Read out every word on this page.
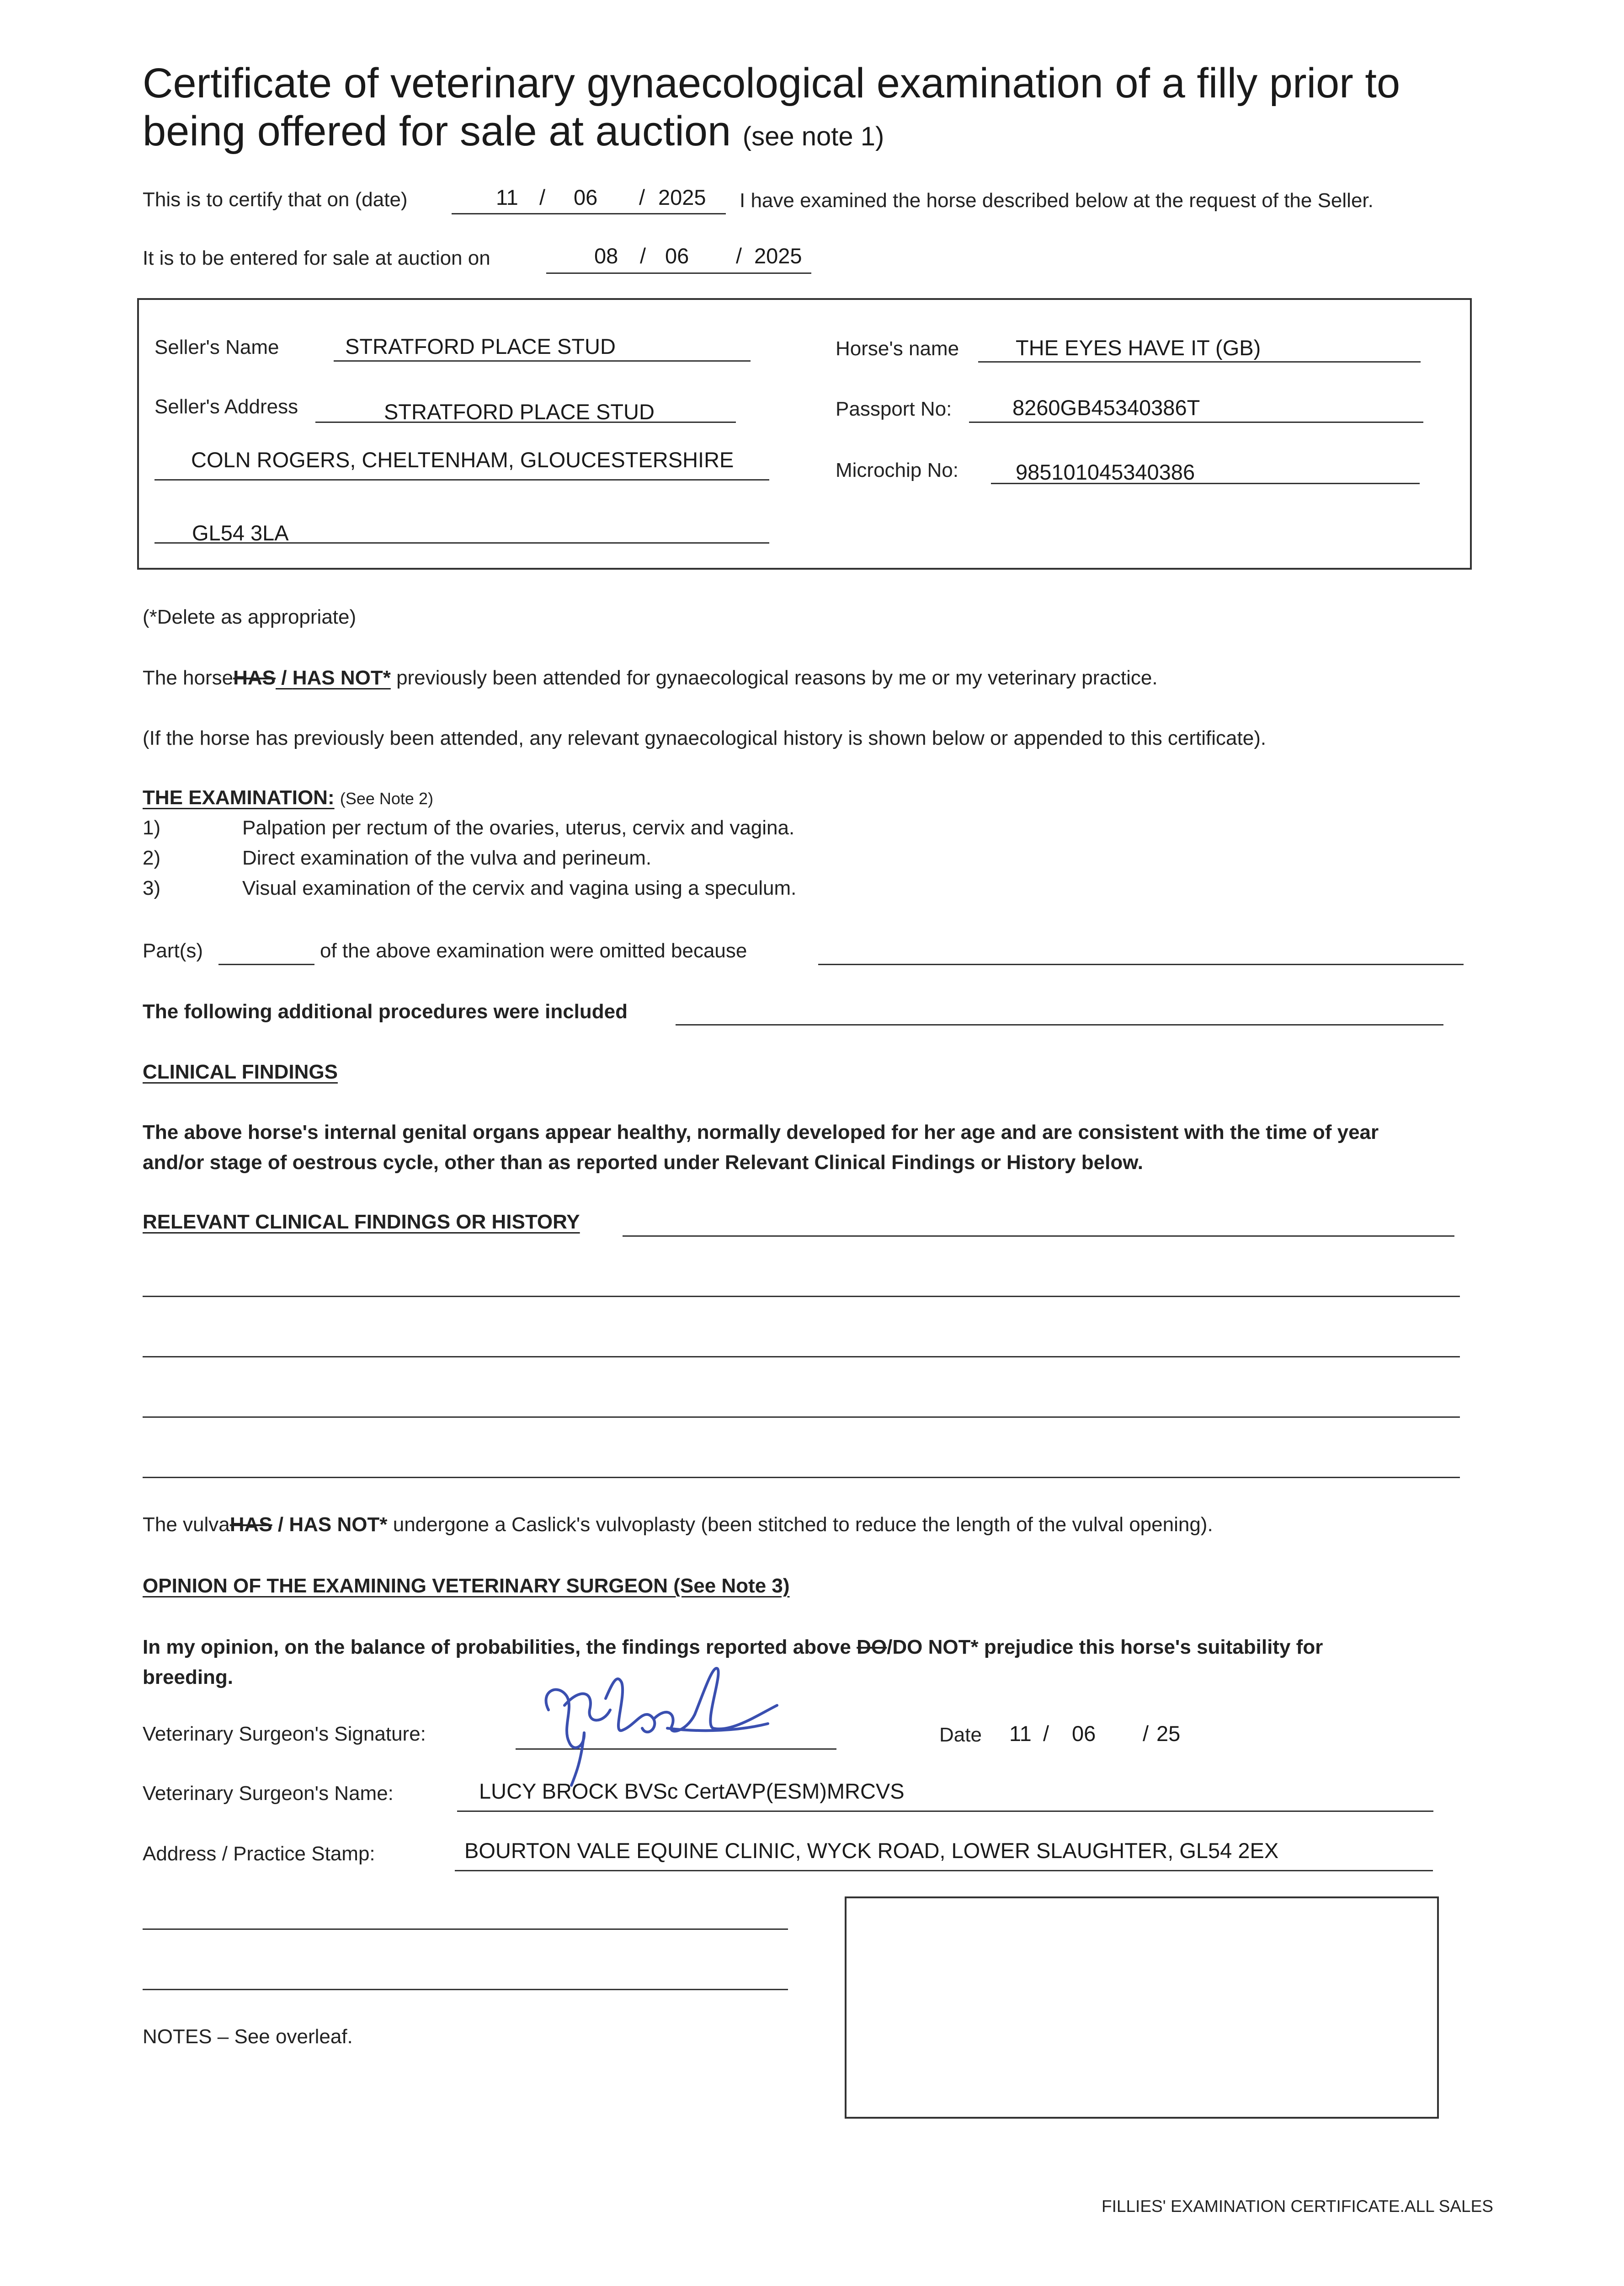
Certificate of veterinary gynaecological examination of a filly prior to
being offered for sale at auction (see note 1)
This is to certify that on (date)	11 / 06 / 2025 I have examined the horse described below at the request of the Seller.
It is to be entered for sale at auction on	08 / 06 / 2025
Seller's Name	STRATFORD PLACE STUD
Seller's Address	STRATFORD PLACE STUD
COLN ROGERS, CHELTENHAM, GLOUCESTERSHIRE
GL54 3LA
Horse's name	THE EYES HAVE IT (GB)
Passport No:	8260GB45340386T
Microchip No:	985101045340386
(*Delete as appropriate)
The horseHAS / HAS NOT* previously been attended for gynaecological reasons by me or my veterinary practice.
(If the horse has previously been attended, any relevant gynaecological history is shown below or appended to this certificate).
THE EXAMINATION: (See Note 2)
1)	Palpation per rectum of the ovaries, uterus, cervix and vagina.
2)	Direct examination of the vulva and perineum.
3)	Visual examination of the cervix and vagina using a speculum.
Part(s)	of the above examination were omitted because
The following additional procedures were included
CLINICAL FINDINGS
The above horse's internal genital organs appear healthy, normally developed for her age and are consistent with the time of year
and/or stage of oestrous cycle, other than as reported under Relevant Clinical Findings or History below.
RELEVANT CLINICAL FINDINGS OR HISTORY
The vulvaHAS / HAS NOT* undergone a Caslick's vulvoplasty (been stitched to reduce the length of the vulval opening).
OPINION OF THE EXAMINING VETERINARY SURGEON (See Note 3)
In my opinion, on the balance of probabilities, the findings reported above DO/DO NOT* prejudice this horse's suitability for
breeding.
Veterinary Surgeon's Signature:	Date 11 / 06 / 25
Veterinary Surgeon's Name:	LUCY BROCK BVSc CertAVP(ESM)MRCVS
Address / Practice Stamp:	BOURTON VALE EQUINE CLINIC, WYCK ROAD, LOWER SLAUGHTER, GL54 2EX
NOTES – See overleaf.
FILLIES' EXAMINATION CERTIFICATE.ALL SALES
